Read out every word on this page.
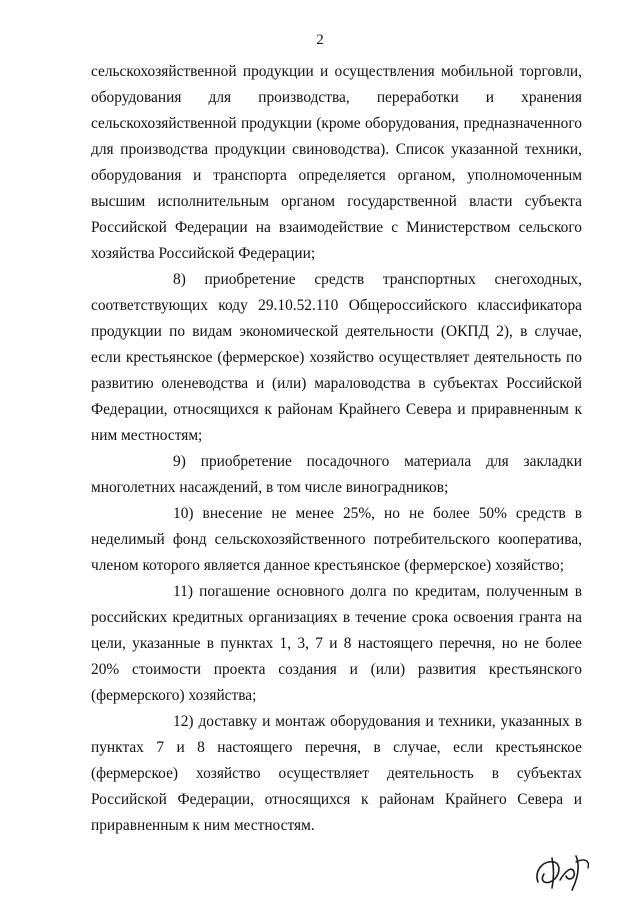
2

сельскохозяйственной продукции и осуществления мобильной торговли, оборудования для производства, переработки и хранения сельскохозяйственной продукции (кроме оборудования, предназначенного для производства продукции свиноводства). Список указанной техники, оборудования и транспорта определяется органом, уполномоченным высшим исполнительным органом государственной власти субъекта Российской Федерации на взаимодействие с Министерством сельского хозяйства Российской Федерации;

8) приобретение средств транспортных снегоходных, соответствующих коду 29.10.52.110 Общероссийского классификатора продукции по видам экономической деятельности (ОКПД 2), в случае, если крестьянское (фермерское) хозяйство осуществляет деятельность по развитию оленеводства и (или) мараловодства в субъектах Российской Федерации, относящихся к районам Крайнего Севера и приравненным к ним местностям;

9) приобретение посадочного материала для закладки многолетних насаждений, в том числе виноградников;

10) внесение не менее 25%, но не более 50% средств в неделимый фонд сельскохозяйственного потребительского кооператива, членом которого является данное крестьянское (фермерское) хозяйство;

11) погашение основного долга по кредитам, полученным в российских кредитных организациях в течение срока освоения гранта на цели, указанные в пунктах 1, 3, 7 и 8 настоящего перечня, но не более 20% стоимости проекта создания и (или) развития крестьянского (фермерского) хозяйства;

12) доставку и монтаж оборудования и техники, указанных в пунктах 7 и 8 настоящего перечня, в случае, если крестьянское (фермерское) хозяйство осуществляет деятельность в субъектах Российской Федерации, относящихся к районам Крайнего Севера и приравненным к ним местностям.
